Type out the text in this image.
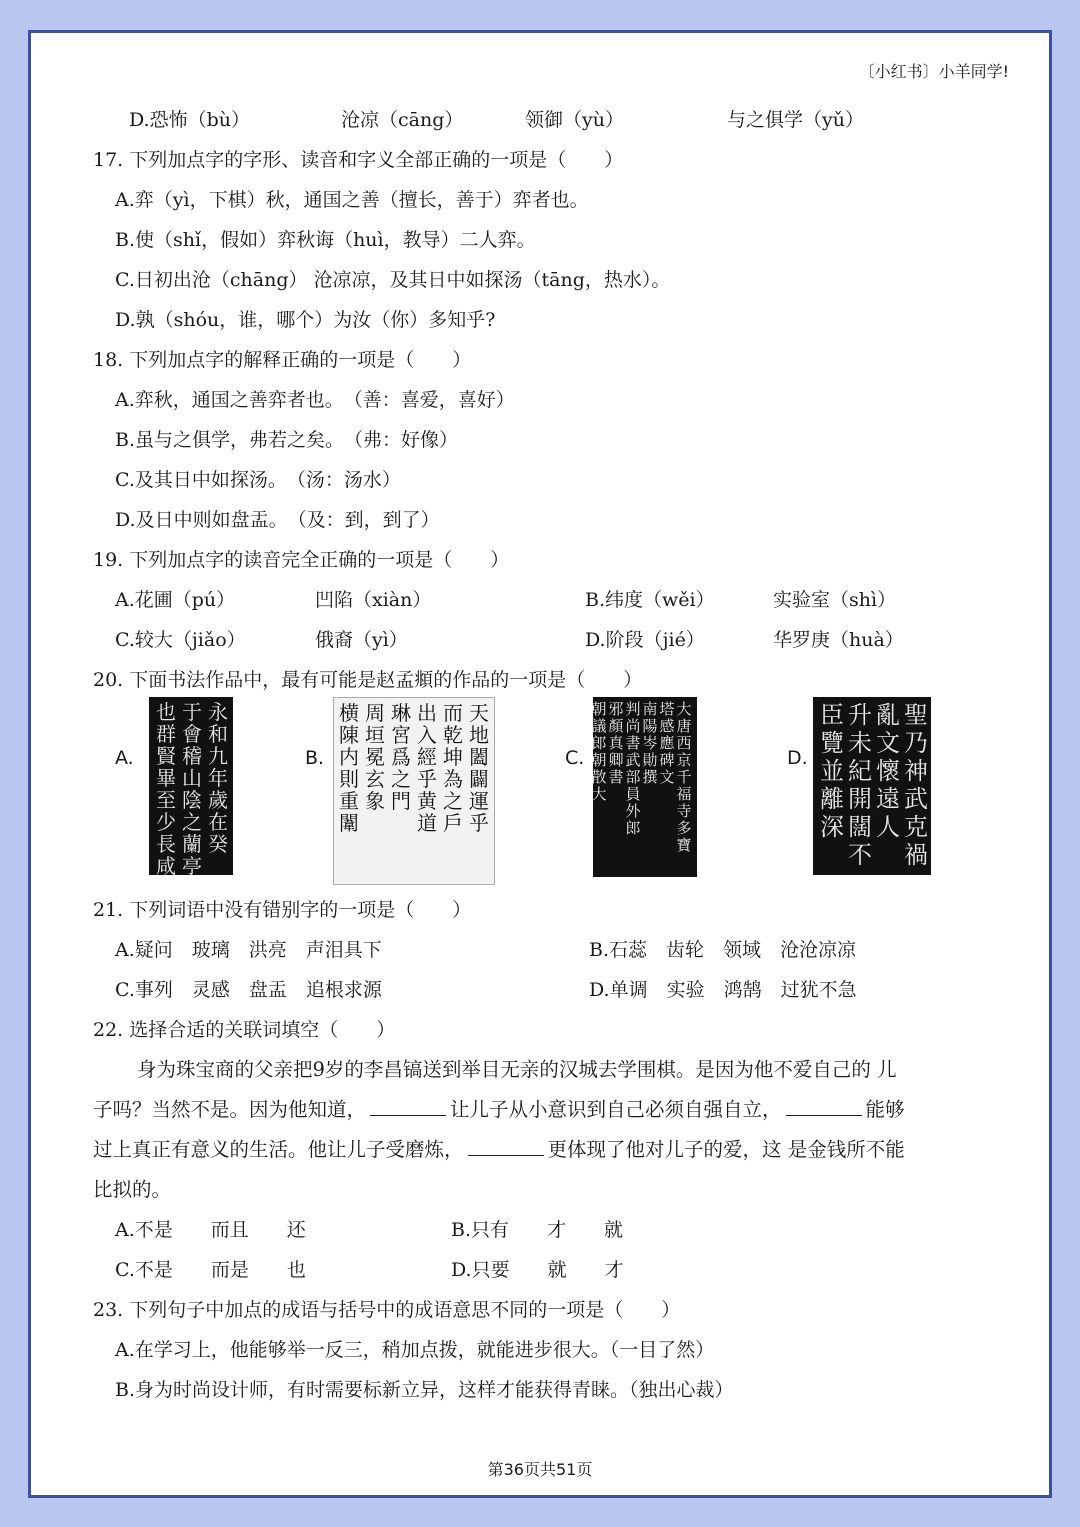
〔小红书〕小羊同学!
D.恐怖（bù）	沧凉（cāng）	领御（yù）	与之俱学（yǔ）
17. 下列加点字的字形、读音和字义全部正确的一项是（　　）
A.弈（yì，下棋）秋，通国之善（擅长，善于）弈者也。
B.使（shǐ，假如）弈秋诲（huì，教导）二人弈。
C.日初出沧（chāng） 沧凉凉，及其日中如探汤（tāng，热水）。
D.孰（shóu，谁，哪个）为汝（你）多知乎?
18. 下列加点字的解释正确的一项是（　　）
A.弈秋，通国之善弈者也。　（善：喜爱，喜好）
B.虽与之俱学，弗若之矣。　（弗：好像）
C.及其日中如探汤。　（汤：汤水）
D.及日中则如盘盂。　（及：到，到了）
19. 下列加点字的读音完全正确的一项是（　　）
A.花圃（pú）	凹陷（xiàn）	B.纬度（wěi）	实验室（shì）
C.较大（jiǎo）	俄裔（yì）	D.阶段（jié）	华罗庚（huà）
20. 下面书法作品中，最有可能是赵孟頫的作品的一项是（　　）
A.
永和九年歲在癸
于會稽山陰之蘭亭
也群賢畢至少長咸
B.
天地闔闢運乎
而乾坤為之戶
出入經乎黄道
琳宮爲之門
周垣冕玄象
横陳内則重闈
C.
大唐西京千福寺多寶
塔感應碑文
南陽岑勛撰
判尚書武部員外郎
邪顏真卿書
朝議郎朝散大
D.
聖乃神武克禍
亂文懷遠人
升未紀開闊不
臣覽並離深
21. 下列词语中没有错别字的一项是（　　）
A.疑问　玻璃　洪亮　声泪具下	B.石蕊　齿轮　领域　沧沧凉凉
C.事列　灵感　盘盂　追根求源	D.单调　实验　鸿鹄　过犹不急
22. 选择合适的关联词填空（　　）
身为珠宝商的父亲把9岁的李昌镐送到举目无亲的汉城去学围棋。是因为他不爱自己的 儿
子吗？当然不是。因为他知道，	让儿子从小意识到自己必须自强自立，	能够
过上真正有意义的生活。他让儿子受磨炼，	更体现了他对儿子的爱，这 是金钱所不能
比拟的。
A.不是　　而且　　还	B.只有　　才　　就
C.不是　　而是　　也	D.只要　　就　　才
23. 下列句子中加点的成语与括号中的成语意思不同的一项是（　　）
A.在学习上，他能够举一反三，稍加点拨，就能进步很大。（一目了然）
B.身为时尚设计师，有时需要标新立异，这样才能获得青睐。（独出心裁）
第36页共51页
